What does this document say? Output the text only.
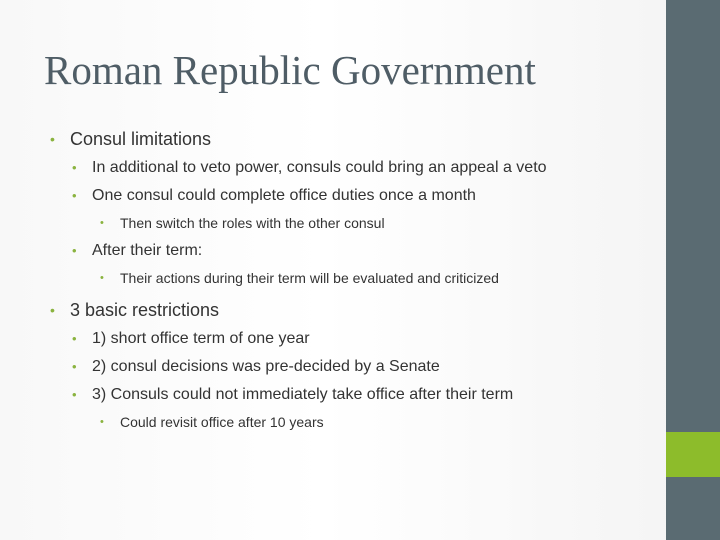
Roman Republic Government
• Consul limitations
• In additional to veto power, consuls could bring an appeal a veto
• One consul could complete office duties once a month
• Then switch the roles with the other consul
• After their term:
• Their actions during their term will be evaluated and criticized
• 3 basic restrictions
• 1) short office term of one year
• 2) consul decisions was pre-decided by a Senate
• 3) Consuls could not immediately take office after their term
• Could revisit office after 10 years
